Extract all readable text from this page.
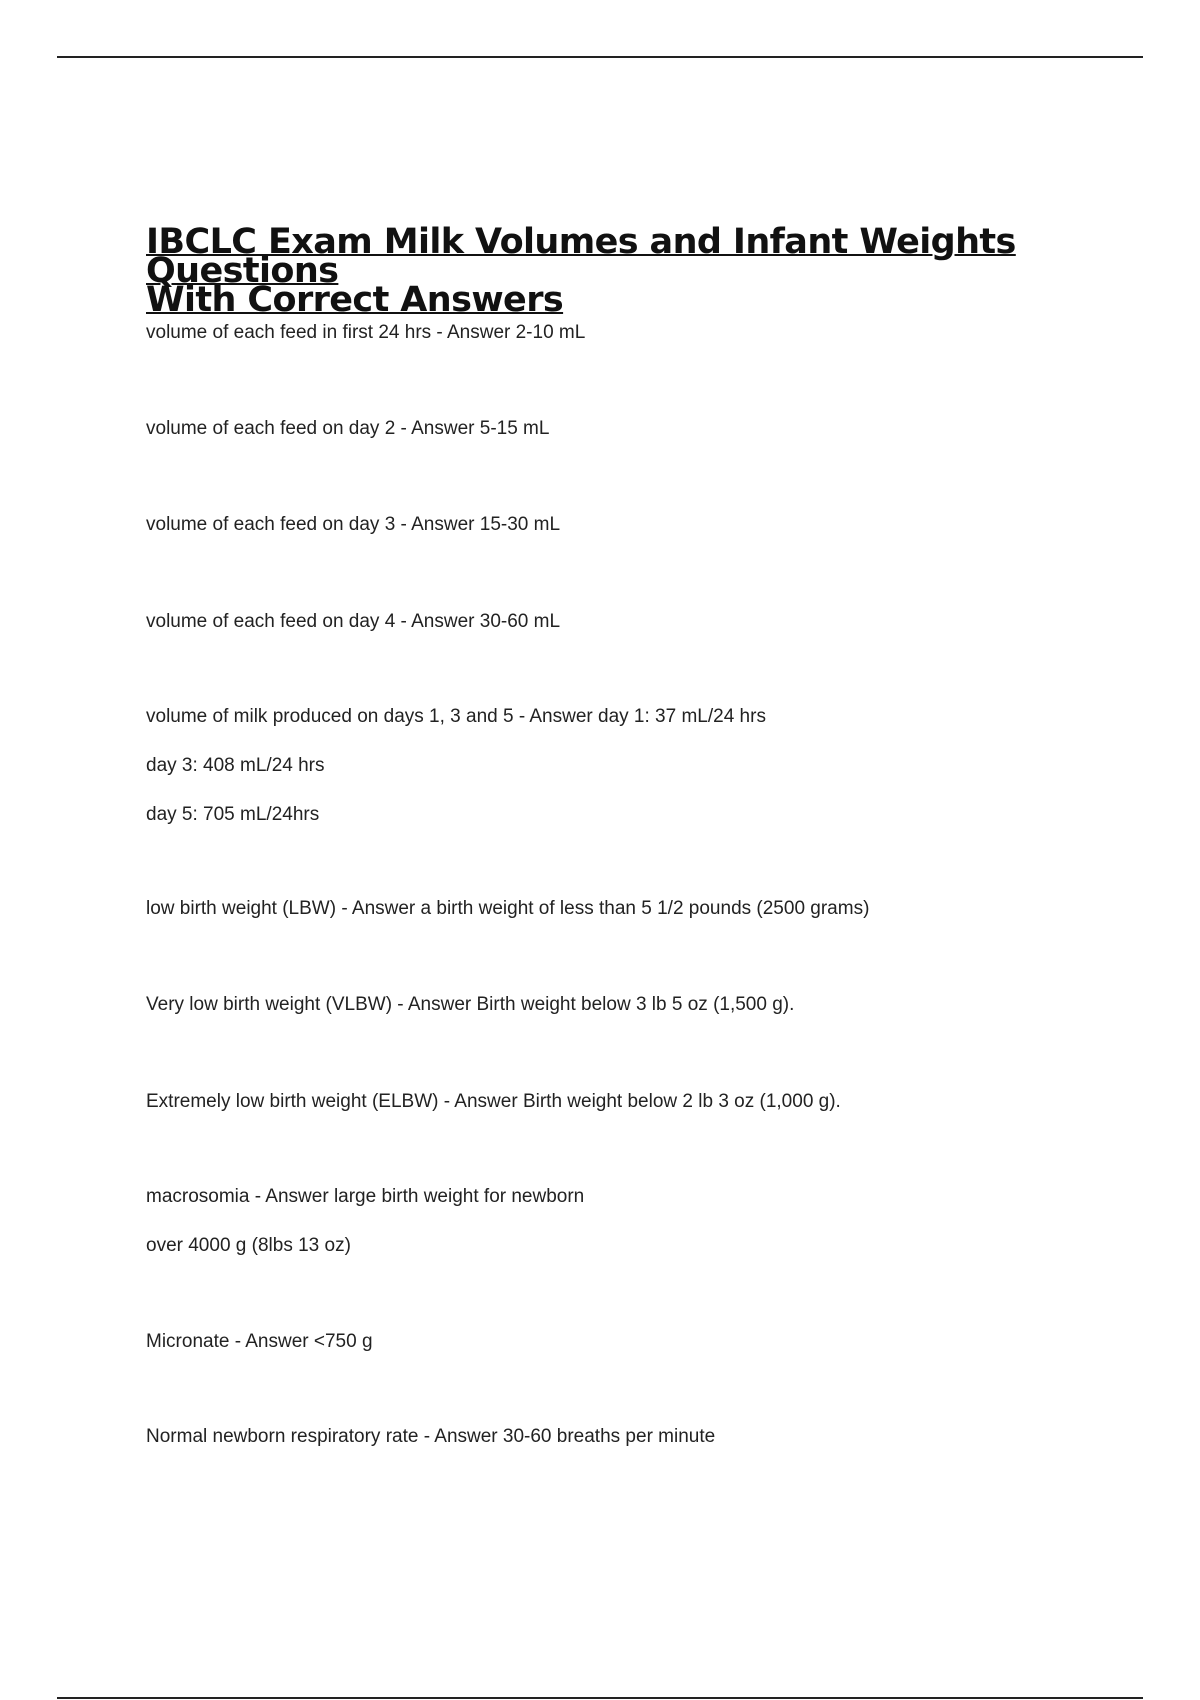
IBCLC Exam Milk Volumes and Infant Weights Questions
With Correct Answers
volume of each feed in first 24 hrs - Answer 2-10 mL
volume of each feed on day 2 - Answer 5-15 mL
volume of each feed on day 3 - Answer 15-30 mL
volume of each feed on day 4 - Answer 30-60 mL
volume of milk produced on days 1, 3 and 5 - Answer day 1: 37 mL/24 hrs
day 3: 408 mL/24 hrs
day 5: 705 mL/24hrs
low birth weight (LBW) - Answer a birth weight of less than 5 1/2 pounds (2500 grams)
Very low birth weight (VLBW) - Answer Birth weight below 3 lb 5 oz (1,500 g).
Extremely low birth weight (ELBW) - Answer Birth weight below 2 lb 3 oz (1,000 g).
macrosomia - Answer large birth weight for newborn
over 4000 g (8lbs 13 oz)
Micronate - Answer <750 g
Normal newborn respiratory rate - Answer 30-60 breaths per minute
